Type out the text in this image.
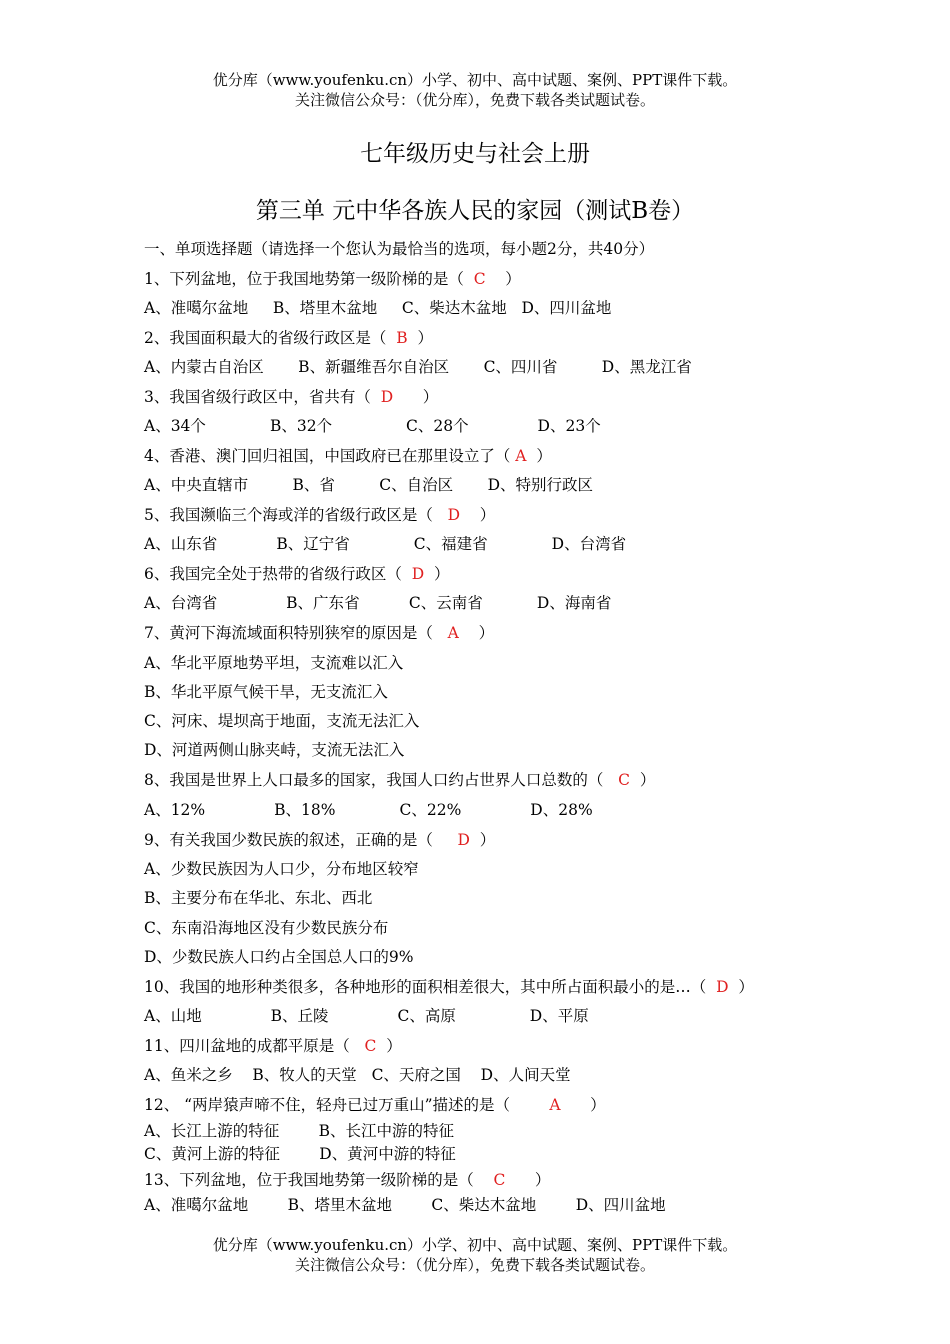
优分库（www.youfenku.cn）小学、初中、高中试题、案例、PPT课件下载。
关注微信公众号：（优分库），免费下载各类试题试卷。
七年级历史与社会上册
第三单 元中华各族人民的家园（测试B卷）
一、单项选择题（请选择一个您认为最恰当的选项，每小题2分，共40分）
1、下列盆地，位于我国地势第一级阶梯的是（  C    ）
A、准噶尔盆地     B、塔里木盆地     C、柴达木盆地   D、四川盆地
2、我国面积最大的省级行政区是（  B  ）
A、内蒙古自治区       B、新疆维吾尔自治区       C、四川省         D、黑龙江省
3、我国省级行政区中，省共有（  D      ）
A、34个             B、32个               C、28个              D、23个
4、香港、澳门回归祖国，中国政府已在那里设立了（ A  ）
A、中央直辖市         B、省         C、自治区       D、特别行政区
5、我国濒临三个海或洋的省级行政区是（   D    ）
A、山东省            B、辽宁省             C、福建省             D、台湾省
6、我国完全处于热带的省级行政区（  D  ）
A、台湾省              B、广东省          C、云南省           D、海南省
7、黄河下海流域面积特别狭窄的原因是（   A    ）
A、华北平原地势平坦，支流难以汇入
B、华北平原气候干旱，无支流汇入
C、河床、堤坝高于地面，支流无法汇入
D、河道两侧山脉夹峙，支流无法汇入
8、我国是世界上人口最多的国家，我国人口约占世界人口总数的（   C  ）
A、12%              B、18%             C、22%              D、28%
9、有关我国少数民族的叙述，正确的是（     D  ）
A、少数民族因为人口少，分布地区较窄
B、主要分布在华北、东北、西北
C、东南沿海地区没有少数民族分布
D、少数民族人口约占全国总人口的9%
10、我国的地形种类很多，各种地形的面积相差很大，其中所占面积最小的是…（  D  ）
A、山地              B、丘陵              C、高原               D、平原
11、四川盆地的成都平原是（   C  ）
A、鱼米之乡    B、牧人的天堂   C、天府之国    D、人间天堂
12、 “两岸猿声啼不住，轻舟已过万重山”描述的是（        A      ）
A、长江上游的特征        B、长江中游的特征
C、黄河上游的特征        D、黄河中游的特征
13、下列盆地，位于我国地势第一级阶梯的是（    C      ）
A、准噶尔盆地        B、塔里木盆地        C、柴达木盆地        D、四川盆地
优分库（www.youfenku.cn）小学、初中、高中试题、案例、PPT课件下载。
关注微信公众号：（优分库），免费下载各类试题试卷。
